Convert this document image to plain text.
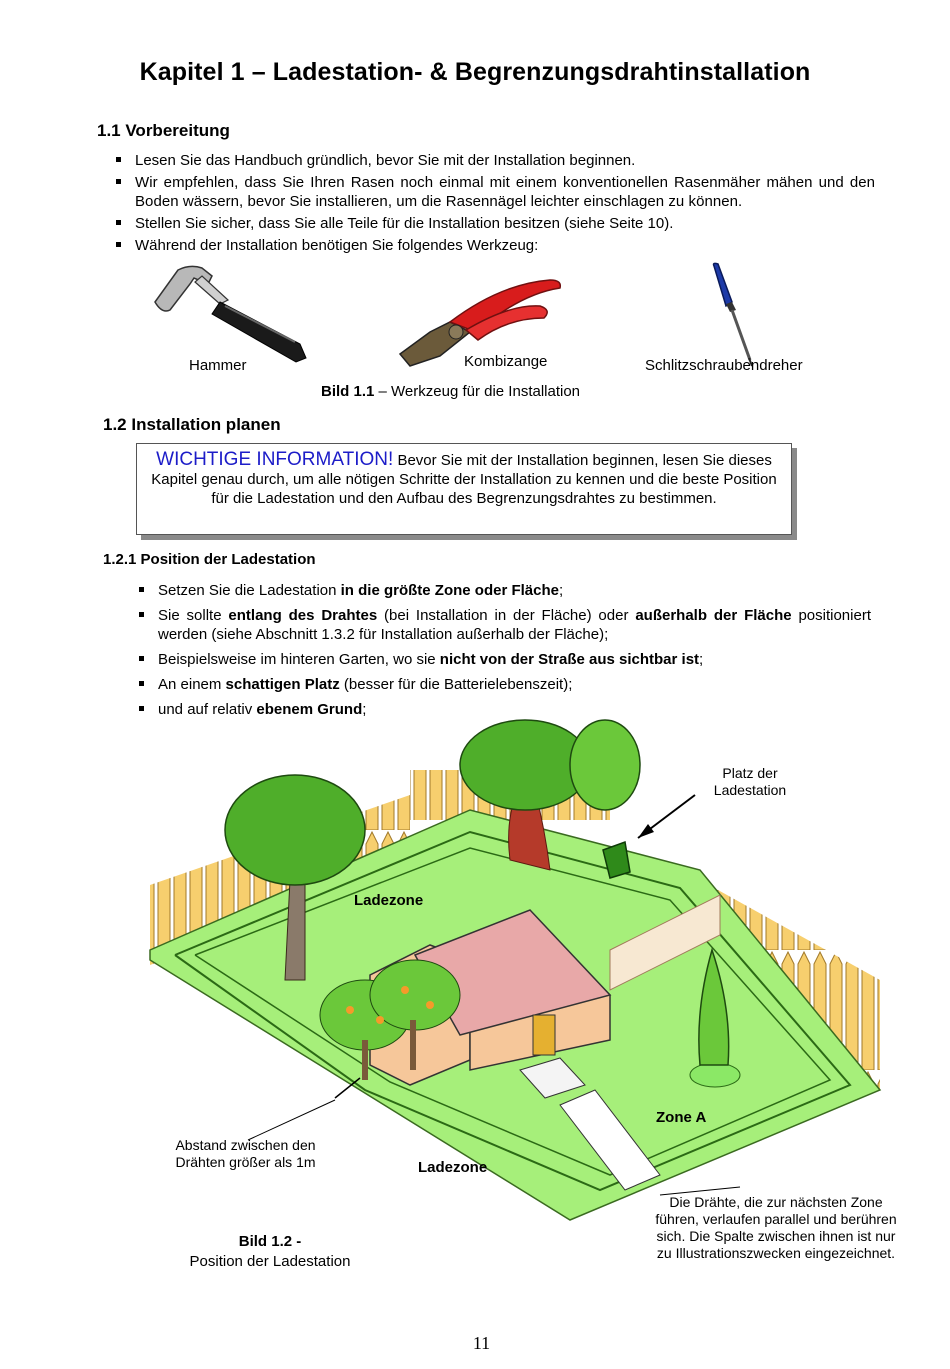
Kapitel 1 – Ladestation- & Begrenzungsdrahtinstallation
1.1 Vorbereitung
Lesen Sie das Handbuch gründlich, bevor Sie mit der Installation beginnen.
Wir empfehlen, dass Sie Ihren Rasen noch einmal mit einem konventionellen Rasenmäher mähen und den Boden wässern, bevor Sie installieren, um die Rasennägel leichter einschlagen zu können.
Stellen Sie sicher, dass Sie alle Teile für die Installation besitzen (siehe Seite 10).
Während der Installation benötigen Sie folgendes Werkzeug:
Hammer	Kombizange	Schlitzschraubendreher
Bild 1.1 – Werkzeug für die Installation
1.2 Installation planen
WICHTIGE INFORMATION! Bevor Sie mit der Installation beginnen, lesen Sie dieses Kapitel genau durch, um alle nötigen Schritte der Installation zu kennen und die beste Position für die Ladestation und den Aufbau des Begrenzungsdrahtes zu bestimmen.
1.2.1 Position der Ladestation
Setzen Sie die Ladestation in die größte Zone oder Fläche;
Sie sollte entlang des Drahtes (bei Installation in der Fläche) oder außerhalb der Fläche positioniert werden (siehe Abschnitt 1.3.2 für Installation außerhalb der Fläche);
Beispielsweise im hinteren Garten, wo sie nicht von der Straße aus sichtbar ist;
An einem schattigen Platz (besser für die Batterielebenszeit);
und auf relativ ebenem Grund;
Ladezone
Ladezone
Zone A
Platz der Ladestation
Abstand zwischen den Drähten größer als 1m
Die Drähte, die zur nächsten Zone führen, verlaufen parallel und berühren sich. Die Spalte zwischen ihnen ist nur zu Illustrationszwecken eingezeichnet.
Bild 1.2 -
Position der Ladestation
11
